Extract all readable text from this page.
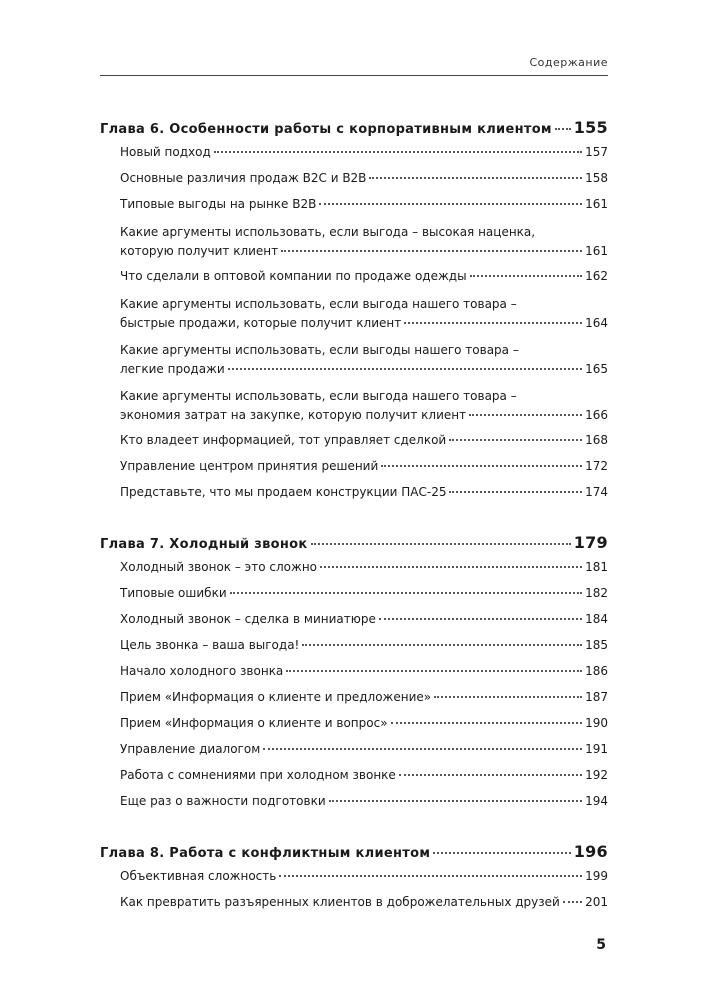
Содержание
Глава 6. Особенности работы с корпоративным клиентом 155
Новый подход	157
Основные различия продаж B2C и B2B	158
Типовые выгоды на рынке B2B	161
Какие аргументы использовать, если выгода – высокая наценка,
которую получит клиент	161
Что сделали в оптовой компании по продаже одежды	162
Какие аргументы использовать, если выгода нашего товара –
быстрые продажи, которые получит клиент	164
Какие аргументы использовать, если выгоды нашего товара –
легкие продажи	165
Какие аргументы использовать, если выгода нашего товара –
экономия затрат на закупке, которую получит клиент	166
Кто владеет информацией, тот управляет сделкой	168
Управление центром принятия решений	172
Представьте, что мы продаем конструкции ПАС-25	174
Глава 7. Холодный звонок	179
Холодный звонок – это сложно	181
Типовые ошибки	182
Холодный звонок – сделка в миниатюре	184
Цель звонка – ваша выгода!	185
Начало холодного звонка	186
Прием «Информация о клиенте и предложение»	187
Прием «Информация о клиенте и вопрос»	190
Управление диалогом	191
Работа с сомнениями при холодном звонке	192
Еще раз о важности подготовки	194
Глава 8. Работа с конфликтным клиентом	196
Объективная сложность	199
Как превратить разъяренных клиентов в доброжелательных друзей 201
5
